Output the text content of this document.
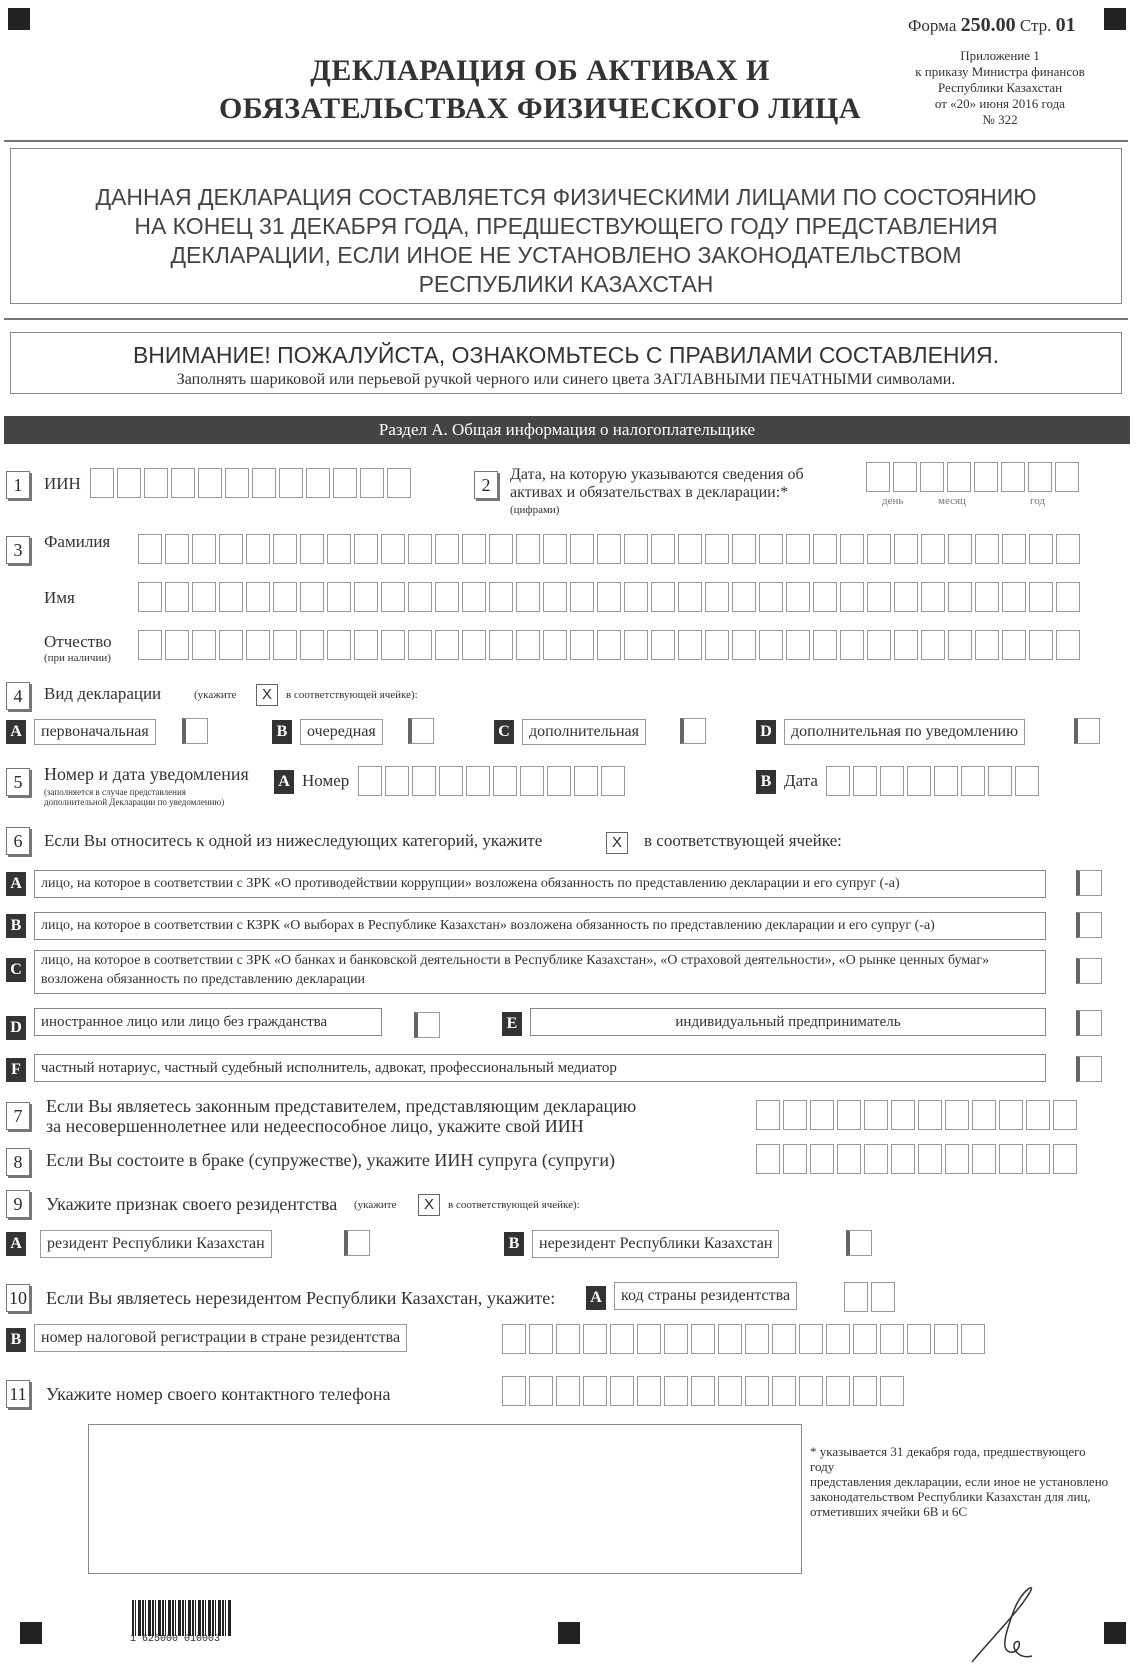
Форма 250.00 Стр. 01
Приложение 1
к приказу Министра финансов
Республики Казахстан
от «20» июня 2016 года
№ 322
ДЕКЛАРАЦИЯ ОБ АКТИВАХ И
ОБЯЗАТЕЛЬСТВАХ ФИЗИЧЕСКОГО ЛИЦА
ДАННАЯ ДЕКЛАРАЦИЯ СОСТАВЛЯЕТСЯ ФИЗИЧЕСКИМИ ЛИЦАМИ ПО СОСТОЯНИЮ
НА КОНЕЦ 31 ДЕКАБРЯ ГОДА, ПРЕДШЕСТВУЮЩЕГО ГОДУ ПРЕДСТАВЛЕНИЯ
ДЕКЛАРАЦИИ, ЕСЛИ ИНОЕ НЕ УСТАНОВЛЕНО ЗАКОНОДАТЕЛЬСТВОМ
РЕСПУБЛИКИ КАЗАХСТАН
ВНИМАНИЕ! ПОЖАЛУЙСТА, ОЗНАКОМЬТЕСЬ С ПРАВИЛАМИ СОСТАВЛЕНИЯ.
Заполнять шариковой или перьевой ручкой черного или синего цвета ЗАГЛАВНЫМИ ПЕЧАТНЫМИ символами.
Раздел А. Общая информация о налогоплательщике
1	ИИН	2
Дата, на которую указываются сведения об
активах и обязательствах в декларации:*
(цифрами)
день	месяц	год
3	Фамилия
Имя
Отчество
(при наличии)
4	Вид декларации	(укажите	X	в соответствующей ячейке):
A	первоначальная	B	очередная	C	дополнительная	D	дополнительная по уведомлению
5	Номер и дата уведомления
(заполняется в случае представления
дополнительной Декларации по уведомлению)
A Номер	B Дата
6	Если Вы относитесь к одной из нижеследующих категорий, укажите	X	в соответствующей ячейке:
A	лицо, на которое в соответствии с ЗРК «О противодействии коррупции» возложена обязанность по представлению декларации и его супруг (-а)
B	лицо, на которое в соответствии с КЗРК «О выборах в Республике Казахстан» возложена обязанность по представлению декларации и его супруг (-а)
C
лицо, на которое в соответствии с ЗРК «О банках и банковской деятельности в Республике Казахстан», «О страховой деятельности», «О рынке ценных бумаг»
возложена обязанность по представлению декларации
D	иностранное лицо или лицо без гражданства	E	индивидуальный предприниматель
F	частный нотариус, частный судебный исполнитель, адвокат, профессиональный медиатор
7	Если Вы являетесь законным представителем, представляющим декларацию
за несовершеннолетнее или недееспособное лицо, укажите свой ИИН
8	Если Вы состоите в браке (супружестве), укажите ИИН супруга (супруги)
9	Укажите признак своего резидентства (укажите	X	в соответствующей ячейке):
A	резидент Республики Казахстан	B	нерезидент Республики Казахстан
10 Если Вы являетесь нерезидентом Республики Казахстан, укажите: A	код страны резидентства
B	номер налоговой регистрации в стране резидентства
11 Укажите номер своего контактного телефона
* указывается 31 декабря года, предшествующего году
представления декларации, если иное не установлено
законодательством Республики Казахстан для лиц,
отметивших ячейки 6В и 6С
1 625000 010003
